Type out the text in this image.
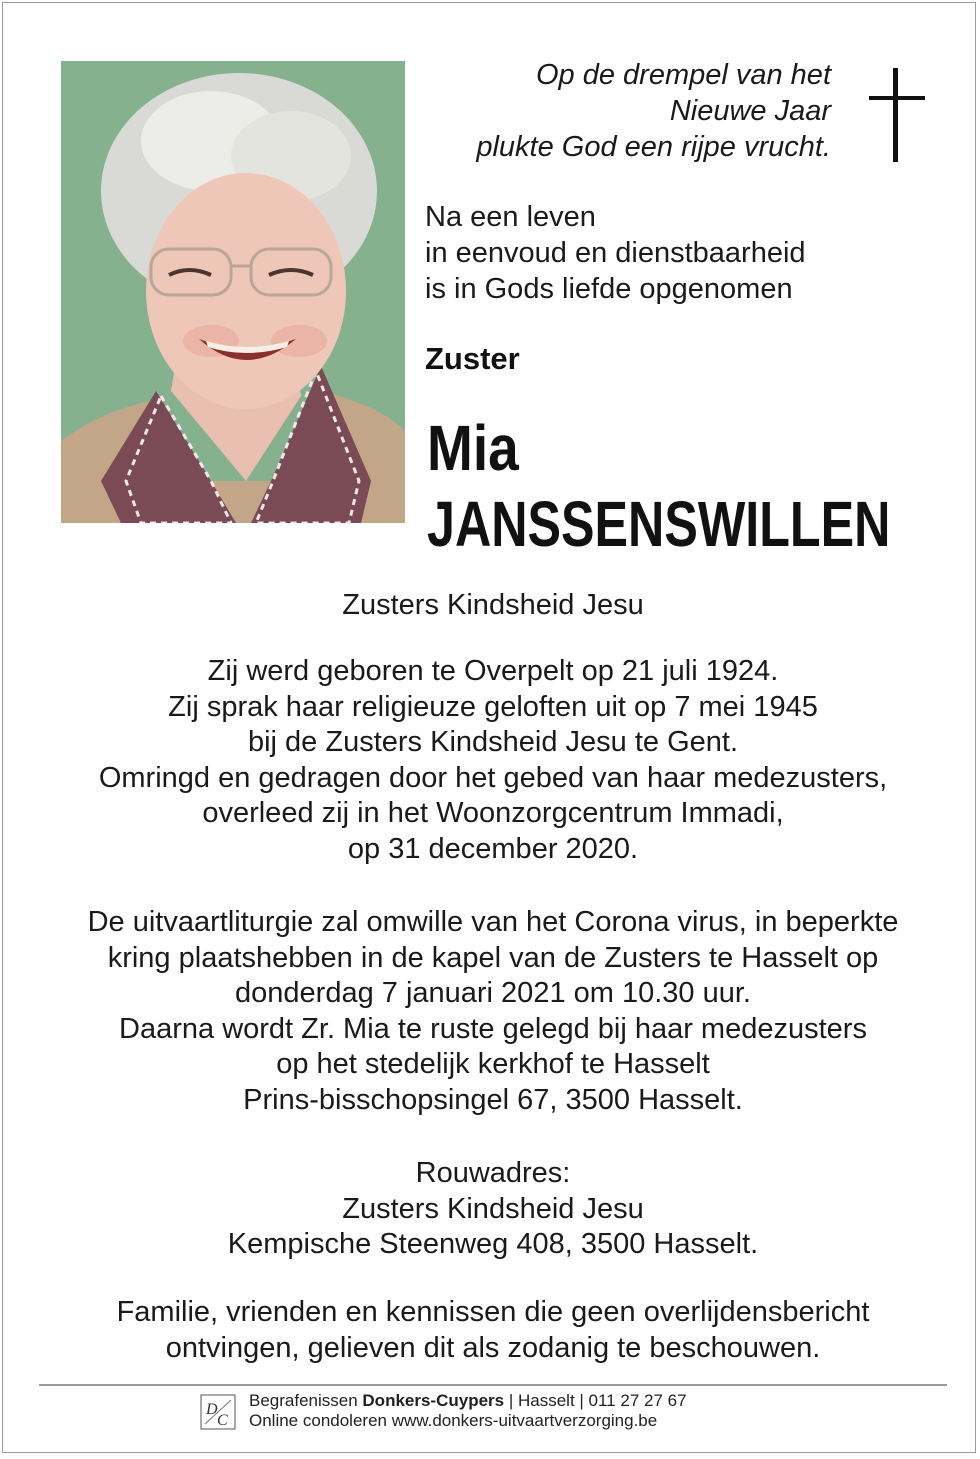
Op de drempel van het
Nieuwe Jaar
plukte God een rijpe vrucht.
Na een leven
in eenvoud en dienstbaarheid
is in Gods liefde opgenomen
Zuster
Mia
JANSSENSWILLEN
Zusters Kindsheid Jesu
Zij werd geboren te Overpelt op 21 juli 1924.
Zij sprak haar religieuze geloften uit op 7 mei 1945
bij de Zusters Kindsheid Jesu te Gent.
Omringd en gedragen door het gebed van haar medezusters,
overleed zij in het Woonzorgcentrum Immadi,
op 31 december 2020.
De uitvaartliturgie zal omwille van het Corona virus, in beperkte
kring plaatshebben in de kapel van de Zusters te Hasselt op
donderdag 7 januari 2021 om 10.30 uur.
Daarna wordt Zr. Mia te ruste gelegd bij haar medezusters
op het stedelijk kerkhof te Hasselt
Prins-bisschopsingel 67, 3500 Hasselt.
Rouwadres:
Zusters Kindsheid Jesu
Kempische Steenweg 408, 3500 Hasselt.
Familie, vrienden en kennissen die geen overlijdensbericht
ontvingen, gelieven dit als zodanig te beschouwen.
D
C
Begrafenissen Donkers-Cuypers | Hasselt | 011 27 27 67
Online condoleren www.donkers-uitvaartverzorging.be
